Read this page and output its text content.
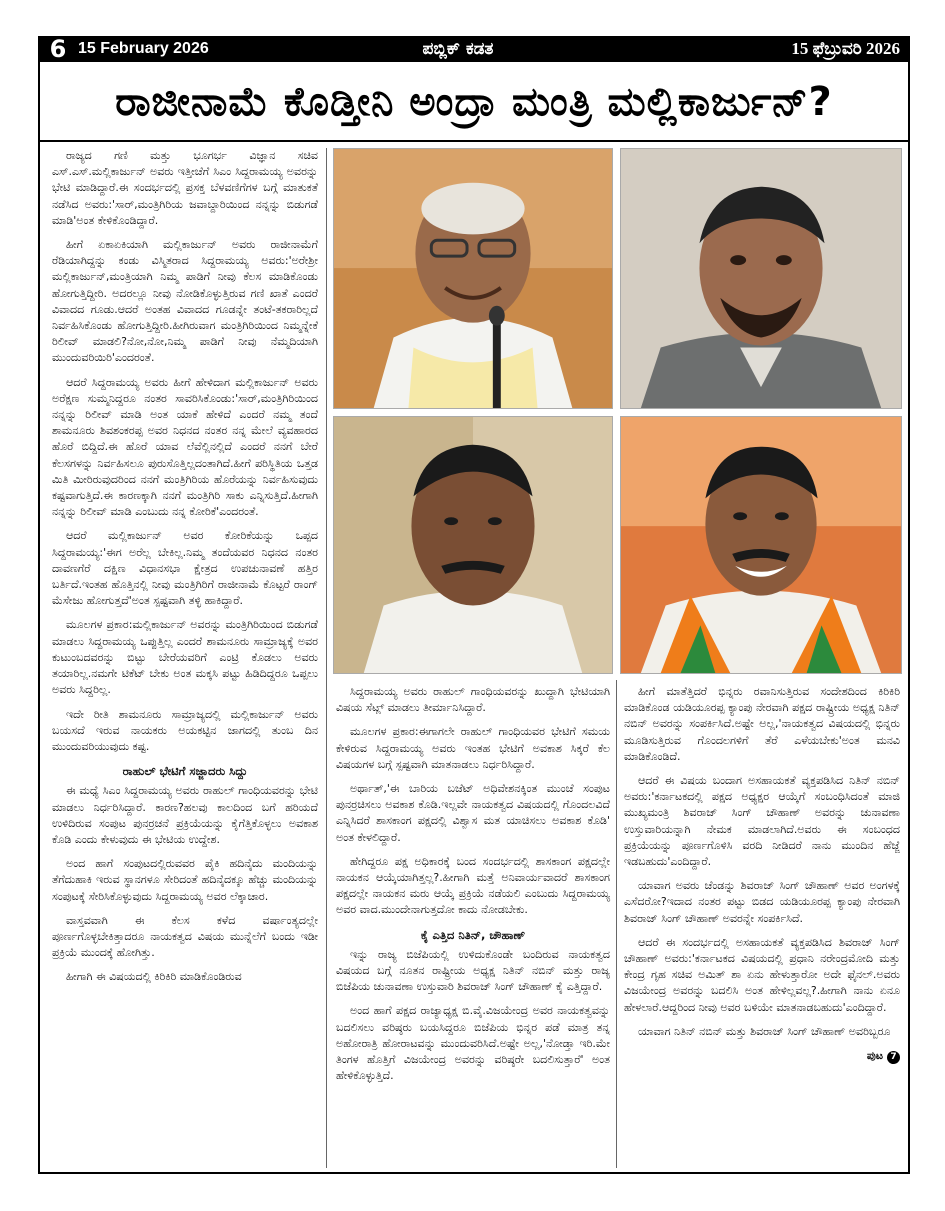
6 15 February 2026	ಪಬ್ಲಿಕ್ ಕಡತ	15 ಫೆಬ್ರುವರಿ 2026
ರಾಜೀನಾಮೆ ಕೊಡ್ತೀನಿ ಅಂದ್ರಾ ಮಂತ್ರಿ ಮಲ್ಲಿಕಾರ್ಜುನ್?

ರಾಜ್ಯದ ಗಣಿ ಮತ್ತು ಭೂಗರ್ಭ ವಿಜ್ಞಾನ ಸಚಿವ ಎಸ್.ಎಸ್.ಮಲ್ಲಿಕಾರ್ಜುನ್ ಅವರು ಇತ್ತೀಚೆಗೆ ಸಿಎಂ ಸಿದ್ದರಾಮಯ್ಯ ಅವರನ್ನು ಭೇಟಿ ಮಾಡಿದ್ದಾರೆ.ಈ ಸಂದರ್ಭದಲ್ಲಿ ಪ್ರಸಕ್ತ ಬೆಳವಣಿಗೆಗಳ ಬಗ್ಗೆ ಮಾತುಕತೆ ನಡೆಸಿದ ಅವರು:'ಸಾರ್,ಮಂತ್ರಿಗಿರಿಯ ಜವಾಬ್ದಾರಿಯಿಂದ ನನ್ನನ್ನು ಬಿಡುಗಡೆ ಮಾಡಿ'ಅಂತ ಕೇಳಿಕೊಂಡಿದ್ದಾರೆ.

ಹೀಗೆ ಏಕಾಏಕಿಯಾಗಿ ಮಲ್ಲಿಕಾರ್ಜುನ್ ಅವರು ರಾಜೀನಾಮೆಗೆ ರೆಡಿಯಾಗಿದ್ದನ್ನು ಕಂಡು ವಿಸ್ಮಿತರಾದ ಸಿದ್ದರಾಮಯ್ಯ ಅವರು:'ಅರೇಶ್ರೀ ಮಲ್ಲಿಕಾರ್ಜುನ್,ಮಂತ್ರಿಯಾಗಿ ನಿಮ್ಮ ಪಾಡಿಗೆ ನೀವು ಕೆಲಸ ಮಾಡಿಕೊಂಡು ಹೋಗುತ್ತಿದ್ದೀರಿ. ಅದರಲ್ಲೂ ನೀವು ನೋಡಿಕೊಳ್ಳುತ್ತಿರುವ ಗಣಿ ಖಾತೆ ಎಂದರೆ ವಿವಾದದ ಗೂಡು.ಆದರೆ ಅಂತಹ ವಿವಾದದ ಗೂಡನ್ನೇ ತಂಟೆ-ತಕರಾರಿಲ್ಲದೆ ನಿರ್ವಹಿಸಿಕೊಂಡು ಹೋಗುತ್ತಿದ್ದೀರಿ.ಹೀಗಿರುವಾಗ ಮಂತ್ರಿಗಿರಿಯಿಂದ ನಿಮ್ಮನ್ನೇಕೆ ರಿಲೀವ್ ಮಾಡಲಿ?ನೋ,ನೋ,ನಿಮ್ಮ ಪಾಡಿಗೆ ನೀವು ನೆಮ್ಮದಿಯಾಗಿ ಮುಂದುವರಿಯಿರಿ'ಎಂದರಂತೆ.

ಆದರೆ ಸಿದ್ದರಾಮಯ್ಯ ಅವರು ಹೀಗೆ ಹೇಳಿದಾಗ ಮಲ್ಲಿಕಾರ್ಜುನ್ ಅವರು ಅರೆಕ್ಷಣ ಸುಮ್ಮನಿದ್ದರೂ ನಂತರ ಸಾವರಿಸಿಕೊಂಡು:'ಸಾರ್,ಮಂತ್ರಿಗಿರಿಯಿಂದ ನನ್ನನ್ನು ರಿಲೀವ್ ಮಾಡಿ ಅಂತ ಯಾಕೆ ಹೇಳಿದೆ ಎಂದರೆ ನಮ್ಮ ತಂದೆ ಶಾಮನೂರು ಶಿವಶಂಕರಪ್ಪ ಅವರ ನಿಧನದ ನಂತರ ನನ್ನ ಮೇಲೆ ವ್ಯವಹಾರದ ಹೊರೆ ಬಿದ್ದಿದೆ.ಈ ಹೊರೆ ಯಾವ ಲೆವೆಲ್ಲಿನಲ್ಲಿದೆ ಎಂದರೆ ನನಗೆ ಬೇರೆ ಕೆಲಸಗಳನ್ನು ನಿರ್ವಹಿಸಲೂ ಪುರುಸೊತ್ತಿಲ್ಲದಂತಾಗಿದೆ.ಹೀಗೆ ಪರಿಸ್ಥಿತಿಯ ಒತ್ತಡ ಮಿತಿ ಮೀರಿರುವುದರಿಂದ ನನಗೆ ಮಂತ್ರಿಗಿರಿಯ ಹೊರೆಯನ್ನು ನಿರ್ವಹಿಸುವುದು ಕಷ್ಟವಾಗುತ್ತಿದೆ.ಈ ಕಾರಣಕ್ಕಾಗಿ ನನಗೆ ಮಂತ್ರಿಗಿರಿ ಸಾಕು ಎನ್ನಿಸುತ್ತಿದೆ.ಹೀಗಾಗಿ ನನ್ನನ್ನು ರಿಲೀವ್ ಮಾಡಿ ಎಂಬುದು ನನ್ನ ಕೋರಿಕೆ'ಎಂದರಂತೆ.

ಆದರೆ ಮಲ್ಲಿಕಾರ್ಜುನ್ ಅವರ ಕೋರಿಕೆಯನ್ನು ಒಪ್ಪದ ಸಿದ್ದರಾಮಯ್ಯ:'ಈಗ ಅರೆಲ್ಲ ಬೇಕಿಲ್ಲ.ನಿಮ್ಮ ತಂದೆಯವರ ನಿಧನದ ನಂತರ ದಾವಣಗೆರೆ ದಕ್ಷಿಣ ವಿಧಾನಸಭಾ ಕ್ಷೇತ್ರದ ಉಪಚುನಾವಣೆ ಹತ್ತಿರ ಬರ್ತಿದೆ.ಇಂತಹ ಹೊತ್ತಿನಲ್ಲಿ ನೀವು ಮಂತ್ರಿಗಿರಿಗೆ ರಾಜೀನಾಮೆ ಕೊಟ್ಟರೆ ರಾಂಗ್ ಮೆಸೇಜು ಹೋಗುತ್ತದೆ'ಅಂತ ಸ್ಪಷ್ಟವಾಗಿ ತಳ್ಳಿ ಹಾಕಿದ್ದಾರೆ.

ಮೂಲಗಳ ಪ್ರಕಾರ:ಮಲ್ಲಿಕಾರ್ಜುನ್ ಅವರನ್ನು ಮಂತ್ರಿಗಿರಿಯಿಂದ ಬಿಡುಗಡೆ ಮಾಡಲು ಸಿದ್ದರಾಮಯ್ಯ ಒಪ್ಪುತ್ತಿಲ್ಲ ಎಂದರೆ ಶಾಮನೂರು ಸಾಮ್ರಾಜ್ಯಕ್ಕೆ ಅವರ ಕುಟುಂಬದವರನ್ನು ಬಿಟ್ಟು ಬೇರೆಯವರಿಗೆ ಎಂಟ್ರಿ ಕೊಡಲು ಅವರು ತಯಾರಿಲ್ಲ.ನಮಗೇ ಟಿಕೆಟ್ ಬೇಕು ಅಂತ ಮಕ್ಕಸಿ ಪಟ್ಟು ಹಿಡಿದಿದ್ದರೂ ಒಪ್ಪಲು ಅವರು ಸಿದ್ದರಿಲ್ಲ.

ಇದೇ ರೀತಿ ಶಾಮನೂರು ಸಾಮ್ರಾಜ್ಯದಲ್ಲಿ ಮಲ್ಲಿಕಾರ್ಜುನ್ ಅವರು ಬಯಸದೆ ಇರುವ ನಾಯಕರು ಅಯಕಟ್ಟಿನ ಜಾಗದಲ್ಲಿ ತುಂಬ ದಿನ ಮುಂದುವರಿಯುವುದು ಕಷ್ಟ.

ರಾಹುಲ್ ಭೇಟಿಗೆ ಸಜ್ಜಾದರು ಸಿದ್ದು

ಈ ಮಧ್ಯೆ ಸಿಎಂ ಸಿದ್ದರಾಮಯ್ಯ ಅವರು ರಾಹುಲ್ ಗಾಂಧಿಯವರನ್ನು ಭೇಟಿ ಮಾಡಲು ನಿರ್ಧರಿಸಿದ್ದಾರೆ. ಕಾರಣ?ಹಲವು ಕಾಲದಿಂದ ಬಗೆ ಹರಿಯದೆ ಉಳಿದಿರುವ ಸಂಪುಟ ಪುನರ್ರಚನೆ ಪ್ರಕ್ರಿಯೆಯನ್ನು ಕೈಗೆತ್ತಿಕೊಳ್ಳಲು ಅವಕಾಶ ಕೊಡಿ ಎಂದು ಕೇಳುವುದು ಈ ಭೇಟಿಯ ಉದ್ದೇಶ.

ಅಂದ ಹಾಗೆ ಸಂಪುಟದಲ್ಲಿರುವವರ ಪೈಕಿ ಹದಿನೈದು ಮಂದಿಯನ್ನು ತೆಗೆದುಹಾಕಿ ಇರುವ ಸ್ಥಾನಗಳೂ ಸೇರಿದಂತೆ ಹದಿನೈದಕ್ಕೂ ಹೆಚ್ಚು ಮಂದಿಯನ್ನು ಸಂಪುಟಕ್ಕೆ ಸೇರಿಸಿಕೊಳ್ಳುವುದು ಸಿದ್ದರಾಮಯ್ಯ ಅವರ ಲೆಕ್ಕಾಚಾರ.

ವಾಸ್ತವವಾಗಿ ಈ ಕೆಲಸ ಕಳೆದ ವರ್ಷಾಂತ್ಯದಲ್ಲೇ ಪೂರ್ಣಗೊಳ್ಳಬೇಕಿತ್ತಾದರೂ ನಾಯಕತ್ವದ ವಿಷಯ ಮುನ್ನೆಲೆಗೆ ಬಂದು ಇಡೀ ಪ್ರಕ್ರಿಯೆ ಮುಂದಕ್ಕೆ ಹೋಗಿತ್ತು.

ಹೀಗಾಗಿ ಈ ವಿಷಯದಲ್ಲಿ ಕಿರಿಕಿರಿ ಮಾಡಿಕೊಂಡಿರುವ

ಸಿದ್ದರಾಮಯ್ಯ ಅವರು ರಾಹುಲ್ ಗಾಂಧಿಯವರನ್ನು ಖುದ್ದಾಗಿ ಭೇಟಿಯಾಗಿ ವಿಷಯ ಸೆಟ್ಲ್ ಮಾಡಲು ತೀರ್ಮಾನಿಸಿದ್ದಾರೆ.

ಮೂಲಗಳ ಪ್ರಕಾರ:ಈಗಾಗಲೇ ರಾಹುಲ್ ಗಾಂಧಿಯವರ ಭೇಟಿಗೆ ಸಮಯ ಕೇಳಿರುವ ಸಿದ್ದರಾಮಯ್ಯ ಅವರು ಇಂತಹ ಭೇಟಿಗೆ ಅವಕಾಶ ಸಿಕ್ಕರೆ ಕೆಲ ವಿಷಯಗಳ ಬಗ್ಗೆ ಸ್ಪಷ್ಟವಾಗಿ ಮಾತನಾಡಲು ನಿರ್ಧರಿಸಿದ್ದಾರೆ.

ಅರ್ಥಾತ್,'ಈ ಬಾರಿಯ ಬಜೆಟ್ ಅಧಿವೇಶನಕ್ಕಿಂತ ಮುಂಚೆ ಸಂಪುಟ ಪುನರ್ರಚಿಸಲು ಅವಕಾಶ ಕೊಡಿ.ಇಲ್ಲವೇ ನಾಯಕತ್ವದ ವಿಷಯದಲ್ಲಿ ಗೊಂದಲವಿದೆ ಎನ್ನಿಸಿದರೆ ಶಾಸಕಾಂಗ ಪಕ್ಷದಲ್ಲಿ ವಿಶ್ವಾಸ ಮತ ಯಾಚಿಸಲು ಅವಕಾಶ ಕೊಡಿ' ಅಂತ ಕೇಳಲಿದ್ದಾರೆ.

ಹೇಗಿದ್ದರೂ ಪಕ್ಷ ಅಧಿಕಾರಕ್ಕೆ ಬಂದ ಸಂದರ್ಭದಲ್ಲಿ ಶಾಸಕಾಂಗ ಪಕ್ಷದಲ್ಲೇ ನಾಯಕನ ಆಯ್ಕೆಯಾಗಿತ್ತಲ್ಲ?.ಹೀಗಾಗಿ ಮತ್ತೆ ಅನಿವಾರ್ಯವಾದರೆ ಶಾಸಕಾಂಗ ಪಕ್ಷದಲ್ಲೇ ನಾಯಕನ ಮರು ಆಯ್ಕೆ ಪ್ರಕ್ರಿಯೆ ನಡೆಯಲಿ ಎಂಬುದು ಸಿದ್ದರಾಮಯ್ಯ ಅವರ ವಾದ.ಮುಂದೇನಾಗುತ್ತದೋ ಕಾದು ನೋಡಬೇಕು.

ಕೈ ಎತ್ತಿದ ನಿತಿನ್, ಚೌಹಾಣ್

ಇನ್ನು ರಾಜ್ಯ ಬಿಜೆಪಿಯಲ್ಲಿ ಉಳಿದುಕೊಂಡೇ ಬಂದಿರುವ ನಾಯಕತ್ವದ ವಿಷಯದ ಬಗ್ಗೆ ನೂತನ ರಾಷ್ಟ್ರೀಯ ಅಧ್ಯಕ್ಷ ನಿತಿನ್ ನಬಿನ್ ಮತ್ತು ರಾಜ್ಯ ಬಿಜೆಪಿಯ ಚುನಾವಣಾ ಉಸ್ತುವಾರಿ ಶಿವರಾಜ್ ಸಿಂಗ್ ಚೌಹಾಣ್ ಕೈ ಎತ್ತಿದ್ದಾರೆ.

ಅಂದ ಹಾಗೆ ಪಕ್ಷದ ರಾಜ್ಯಾಧ್ಯಕ್ಷ ಬಿ.ವೈ.ವಿಜಯೇಂದ್ರ ಅವರ ನಾಯಕತ್ವವನ್ನು ಬದಲಿಸಲು ವರಿಷ್ಠರು ಬಯಸಿದ್ದರೂ ಬಿಜೆಪಿಯ ಭಿನ್ನರ ಪಡೆ ಮಾತ್ರ ತನ್ನ ಅಹೋರಾತ್ರಿ ಹೋರಾಟವನ್ನು ಮುಂದುವರಿಸಿದೆ.ಅಷ್ಟೇ ಅಲ್ಲ,'ನೋಡ್ತಾ ಇರಿ.ಮೇ ತಿಂಗಳ ಹೊತ್ತಿಗೆ ವಿಜಯೇಂದ್ರ ಅವರನ್ನು ವರಿಷ್ಠರೇ ಬದಲಿಸುತ್ತಾರೆ' ಅಂತ ಹೇಳಿಕೊಳ್ಳುತ್ತಿದೆ.

ಹೀಗೆ ಮಾತೆತ್ತಿದರೆ ಭಿನ್ನರು ರವಾನಿಸುತ್ತಿರುವ ಸಂದೇಶದಿಂದ ಕಿರಿಕಿರಿ ಮಾಡಿಕೊಂಡ ಯಡಿಯೂರಪ್ಪ ಕ್ಯಾಂಪು ನೇರವಾಗಿ ಪಕ್ಷದ ರಾಷ್ಟ್ರೀಯ ಅಧ್ಯಕ್ಷ ನಿತಿನ್ ನಬಿನ್ ಅವರನ್ನು ಸಂಪರ್ಕಿಸಿದೆ.ಅಷ್ಟೇ ಅಲ್ಲ,'ನಾಯಕತ್ವದ ವಿಷಯದಲ್ಲಿ ಭಿನ್ನರು ಮೂಡಿಸುತ್ತಿರುವ ಗೊಂದಲಗಳಿಗೆ ತೆರೆ ಎಳೆಯಬೇಕು'ಅಂತ ಮನವಿ ಮಾಡಿಕೊಂಡಿದೆ.

ಆದರೆ ಈ ವಿಷಯ ಬಂದಾಗ ಅಸಹಾಯಕತೆ ವ್ಯಕ್ತಪಡಿಸಿದ ನಿತಿನ್ ನಬಿನ್ ಅವರು:'ಕರ್ನಾಟಕದಲ್ಲಿ ಪಕ್ಷದ ಅಧ್ಯಕ್ಷರ ಆಯ್ಕೆಗೆ ಸಂಬಂಧಿಸಿದಂತೆ ಮಾಜಿ ಮುಖ್ಯಮಂತ್ರಿ ಶಿವರಾಜ್ ಸಿಂಗ್ ಚೌಹಾಣ್ ಅವರನ್ನು ಚುನಾವಣಾ ಉಸ್ತುವಾರಿಯನ್ನಾಗಿ ನೇಮಕ ಮಾಡಲಾಗಿದೆ.ಅವರು ಈ ಸಂಬಂಧದ ಪ್ರಕ್ರಿಯೆಯನ್ನು ಪೂರ್ಣಗೊಳಿಸಿ ವರದಿ ನೀಡಿದರೆ ನಾನು ಮುಂದಿನ ಹೆಜ್ಜೆ ಇಡಬಹುದು'ಎಂದಿದ್ದಾರೆ.

ಯಾವಾಗ ಅವರು ಚೆಂಡನ್ನು ಶಿವರಾಜ್ ಸಿಂಗ್ ಚೌಹಾಣ್ ಅವರ ಅಂಗಳಕ್ಕೆ ಎಸೆದರೋ?ಇದಾದ ನಂತರ ಪಟ್ಟು ಬಿಡದ ಯಡಿಯೂರಪ್ಪ ಕ್ಯಾಂಪು ನೇರವಾಗಿ ಶಿವರಾಜ್ ಸಿಂಗ್ ಚೌಹಾಣ್ ಅವರನ್ನೇ ಸಂಪರ್ಕಿಸಿದೆ.

ಆದರೆ ಈ ಸಂದರ್ಭದಲ್ಲಿ ಅಸಹಾಯಕತೆ ವ್ಯಕ್ತಪಡಿಸಿದ ಶಿವರಾಜ್ ಸಿಂಗ್ ಚೌಹಾಣ್ ಅವರು:'ಕರ್ನಾಟಕದ ವಿಷಯದಲ್ಲಿ ಪ್ರಧಾನಿ ನರೇಂದ್ರಮೋದಿ ಮತ್ತು ಕೇಂದ್ರ ಗೃಹ ಸಚಿವ ಅಮಿತ್ ಶಾ ಏನು ಹೇಳುತ್ತಾರೋ ಅದೇ ಫೈನಲ್.ಅವರು ವಿಜಯೇಂದ್ರ ಅವರನ್ನು ಬದಲಿಸಿ ಅಂತ ಹೇಳಿಲ್ಲವಲ್ಲ?.ಹೀಗಾಗಿ ನಾನು ಏನೂ ಹೇಳಲಾರೆ.ಆದ್ದರಿಂದ ನೀವು ಅವರ ಬಳಿಯೇ ಮಾತನಾಡಬಹುದು'ಎಂದಿದ್ದಾರೆ.

ಯಾವಾಗ ನಿತಿನ್ ನಬಿನ್ ಮತ್ತು ಶಿವರಾಜ್ ಸಿಂಗ್ ಚೌಹಾಣ್ ಅವರಿಬ್ಬರೂ

ಪುಟ 7
